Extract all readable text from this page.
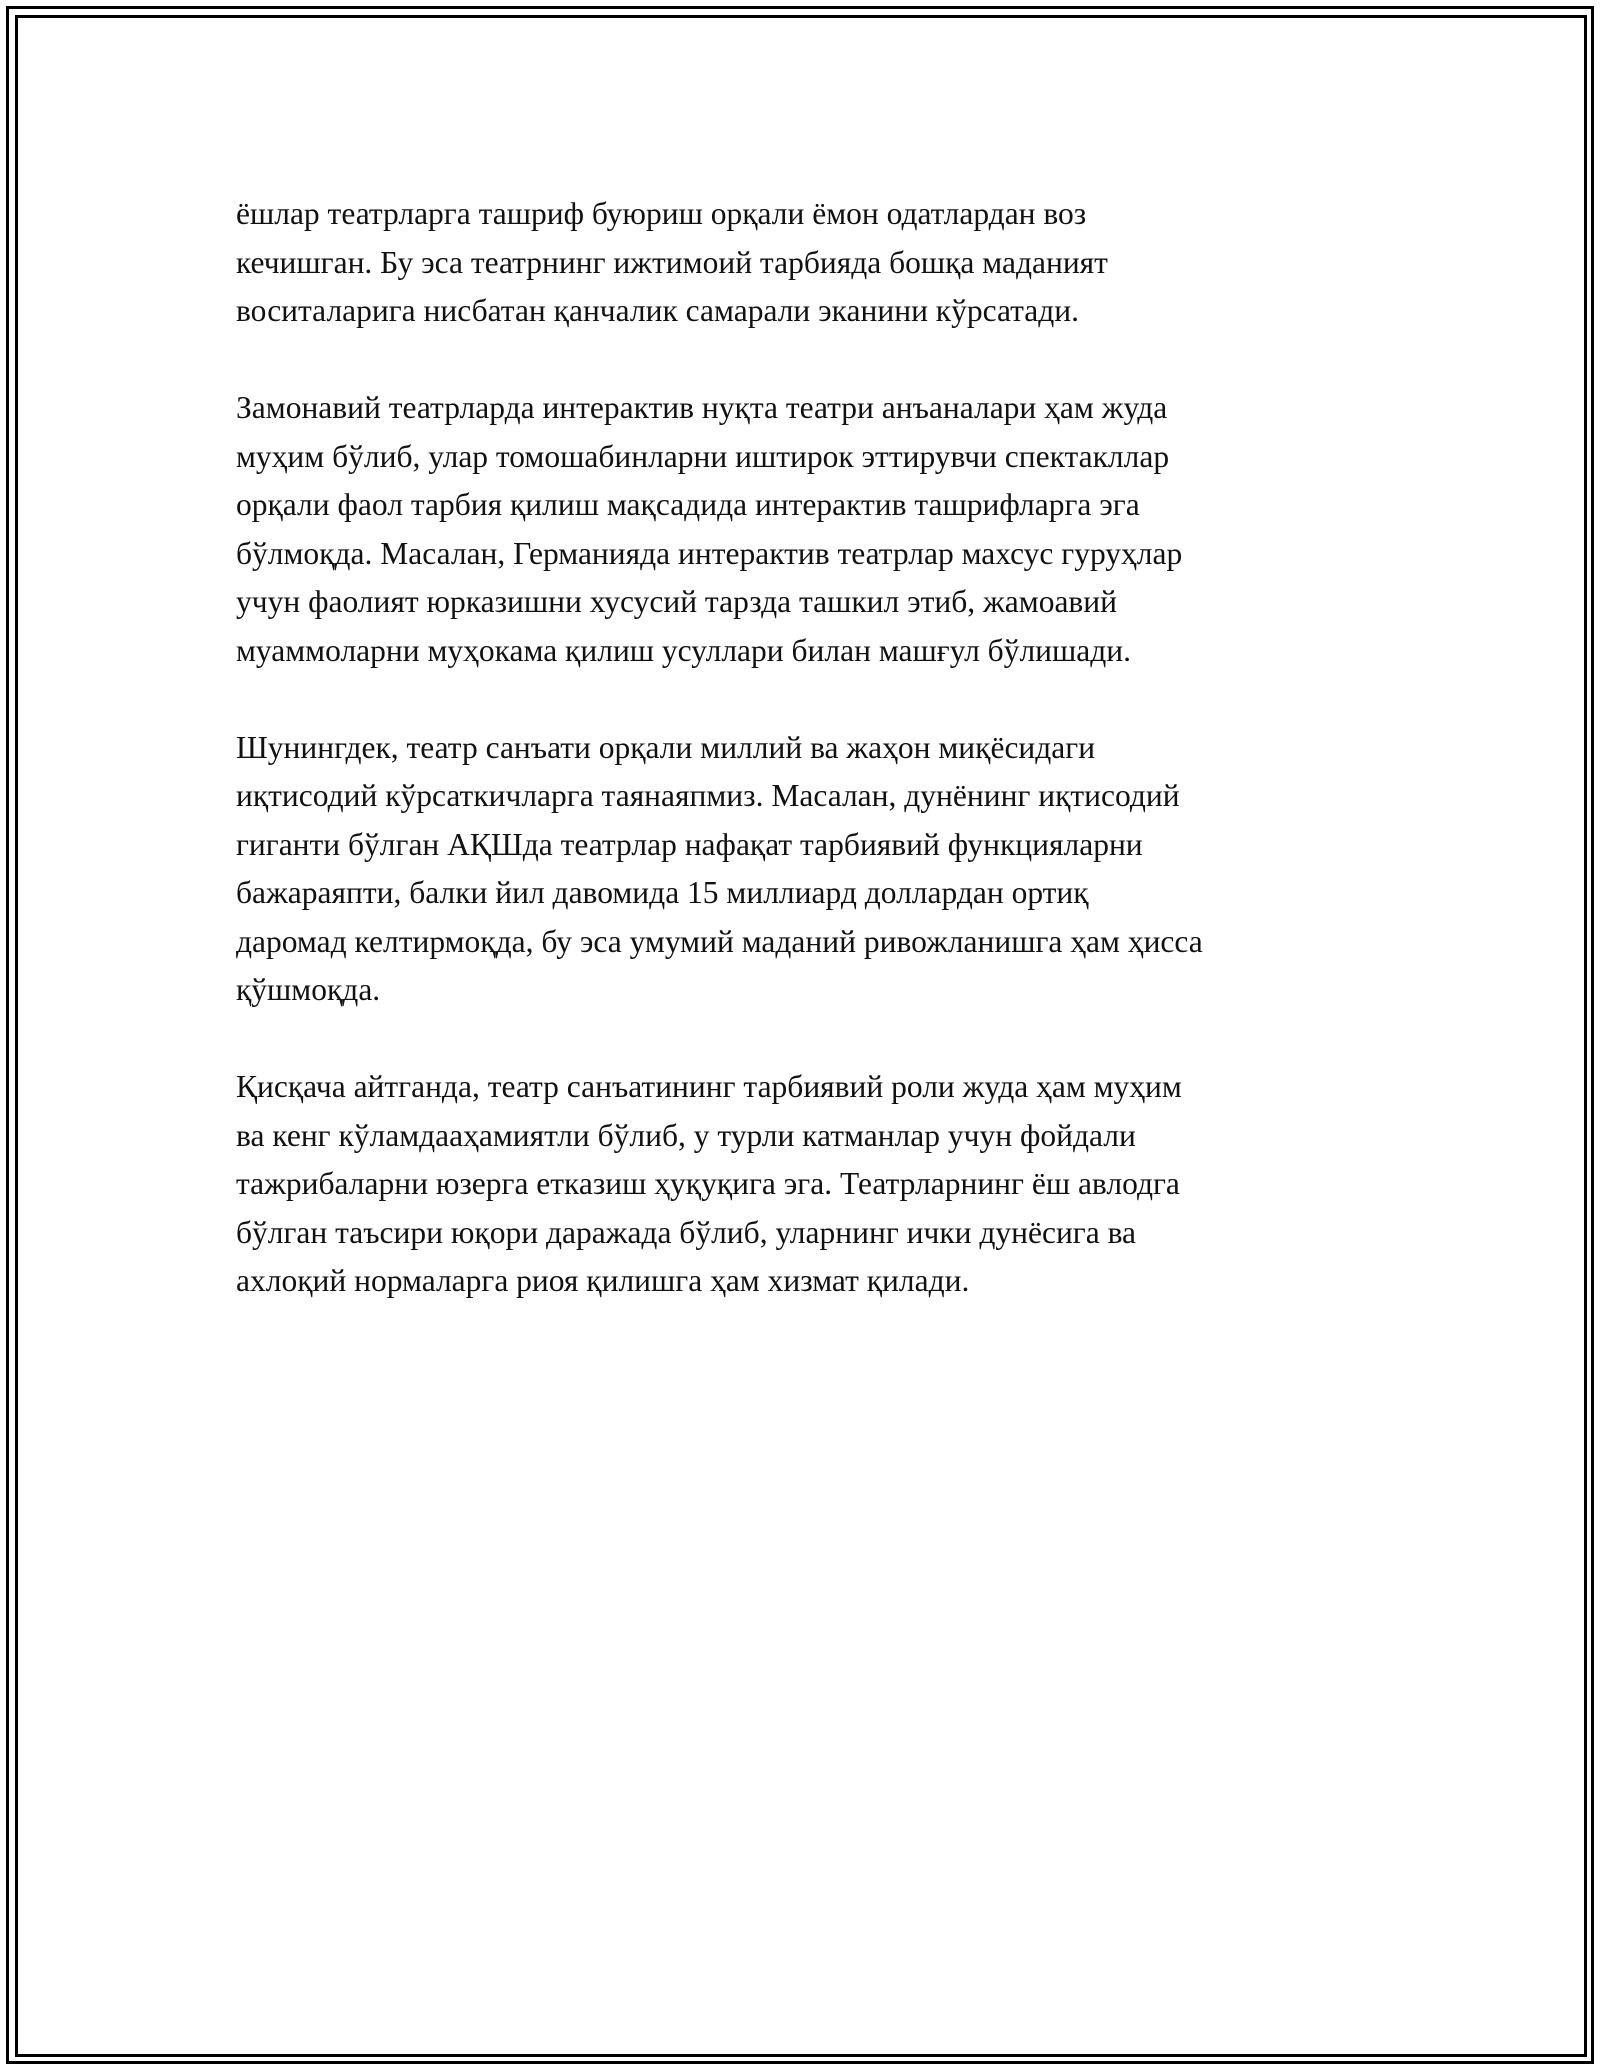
ёшлар театрларга ташриф буюриш орқали ёмон одатлардан воз
кечишган. Бу эса театрнинг ижтимоий тарбияда бошқа маданият
воситаларига нисбатан қанчалик самарали эканини кўрсатади.

Замонавий театрларда интерактив нуқта театри анъаналари ҳам жуда
муҳим бўлиб, улар томошабинларни иштирок эттирувчи спектакллар
орқали фаол тарбия қилиш мақсадида интерактив ташрифларга эга
бўлмоқда. Масалан, Германияда интерактив театрлар махсус гуруҳлар
учун фаолият юрказишни хусусий тарзда ташкил этиб, жамоавий
муаммоларни муҳокама қилиш усуллари билан машғул бўлишади.

Шунингдек, театр санъати орқали миллий ва жаҳон миқёсидаги
иқтисодий кўрсаткичларга таянаяпмиз. Масалан, дунёнинг иқтисодий
гиганти бўлган АҚШда театрлар нафақат тарбиявий функцияларни
бажараяпти, балки йил давомида 15 миллиард доллардан ортиқ
даромад келтирмоқда, бу эса умумий маданий ривожланишга ҳам ҳисса
қўшмоқда.

Қисқача айтганда, театр санъатининг тарбиявий роли жуда ҳам муҳим
ва кенг кўламдааҳамиятли бўлиб, у турли катманлар учун фойдали
тажрибаларни юзерга етказиш ҳуқуқига эга. Театрларнинг ёш авлодга
бўлган таъсири юқори даражада бўлиб, уларнинг ички дунёсига ва
ахлоқий нормаларга риоя қилишга ҳам хизмат қилади.
